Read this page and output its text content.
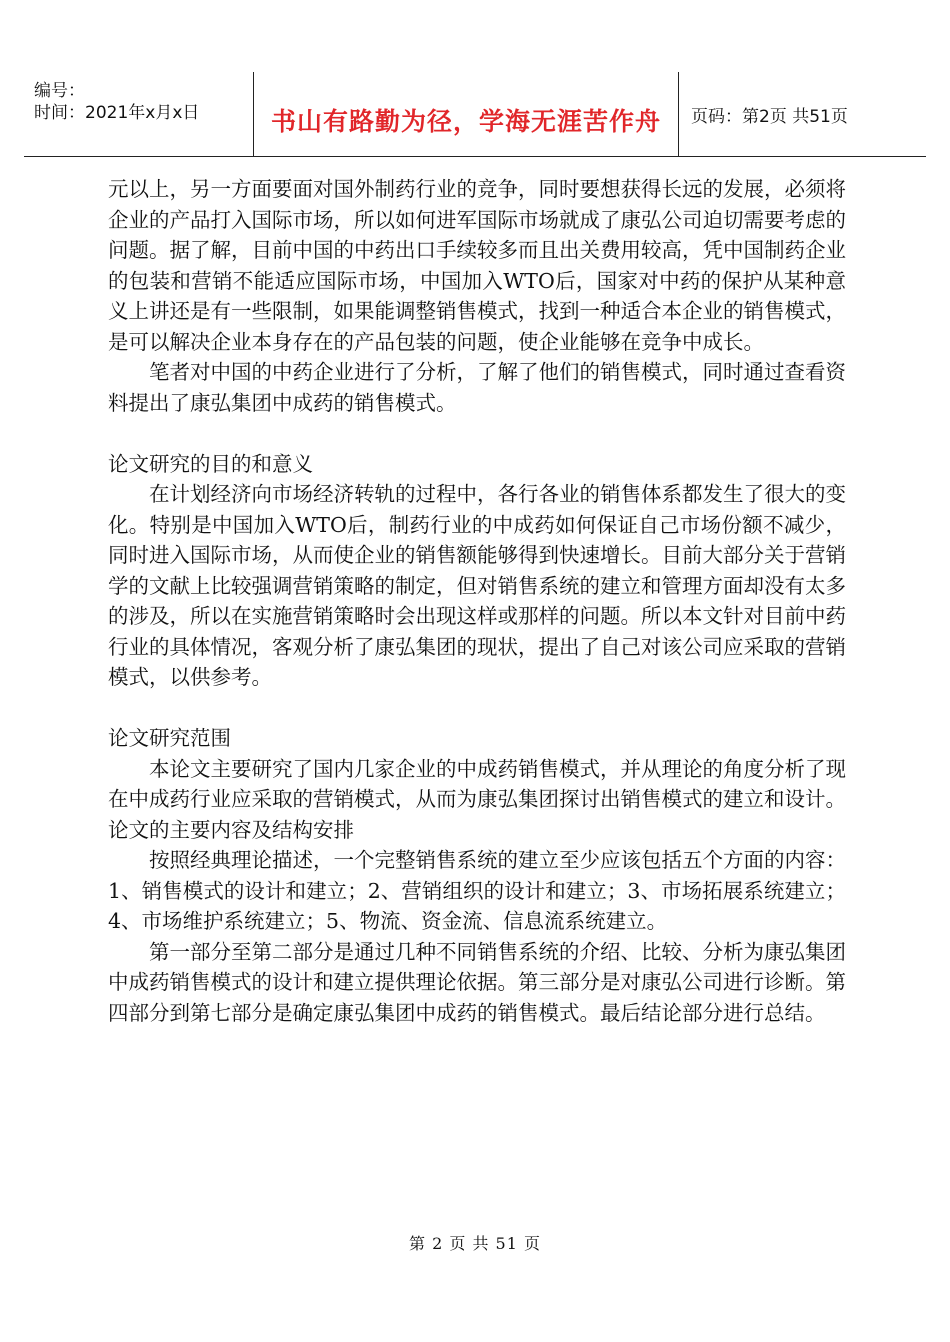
编号：
时间：2021年x月x日	书山有路勤为径，学海无涯苦作舟 页码：第2页 共51页

元以上，另一方面要面对国外制药行业的竞争，同时要想获得长远的发展，必须将企业的产品打入国际市场，所以如何进军国际市场就成了康弘公司迫切需要考虑的问题。据了解，目前中国的中药出口手续较多而且出关费用较高，凭中国制药企业的包装和营销不能适应国际市场，中国加入WTO后，国家对中药的保护从某种意义上讲还是有一些限制，如果能调整销售模式，找到一种适合本企业的销售模式，是可以解决企业本身存在的产品包装的问题，使企业能够在竞争中成长。

笔者对中国的中药企业进行了分析，了解了他们的销售模式，同时通过查看资料提出了康弘集团中成药的销售模式。

论文研究的目的和意义

在计划经济向市场经济转轨的过程中，各行各业的销售体系都发生了很大的变化。特别是中国加入WTO后，制药行业的中成药如何保证自己市场份额不减少，同时进入国际市场，从而使企业的销售额能够得到快速增长。目前大部分关于营销学的文献上比较强调营销策略的制定，但对销售系统的建立和管理方面却没有太多的涉及，所以在实施营销策略时会出现这样或那样的问题。所以本文针对目前中药行业的具体情况，客观分析了康弘集团的现状，提出了自己对该公司应采取的营销模式，以供参考。

论文研究范围

本论文主要研究了国内几家企业的中成药销售模式，并从理论的角度分析了现在中成药行业应采取的营销模式，从而为康弘集团探讨出销售模式的建立和设计。

论文的主要内容及结构安排

按照经典理论描述，一个完整销售系统的建立至少应该包括五个方面的内容：1、销售模式的设计和建立；2、营销组织的设计和建立；3、市场拓展系统建立；4、市场维护系统建立；5、物流、资金流、信息流系统建立。

第一部分至第二部分是通过几种不同销售系统的介绍、比较、分析为康弘集团中成药销售模式的设计和建立提供理论依据。第三部分是对康弘公司进行诊断。第四部分到第七部分是确定康弘集团中成药的销售模式。最后结论部分进行总结。

第 2 页 共 51 页
